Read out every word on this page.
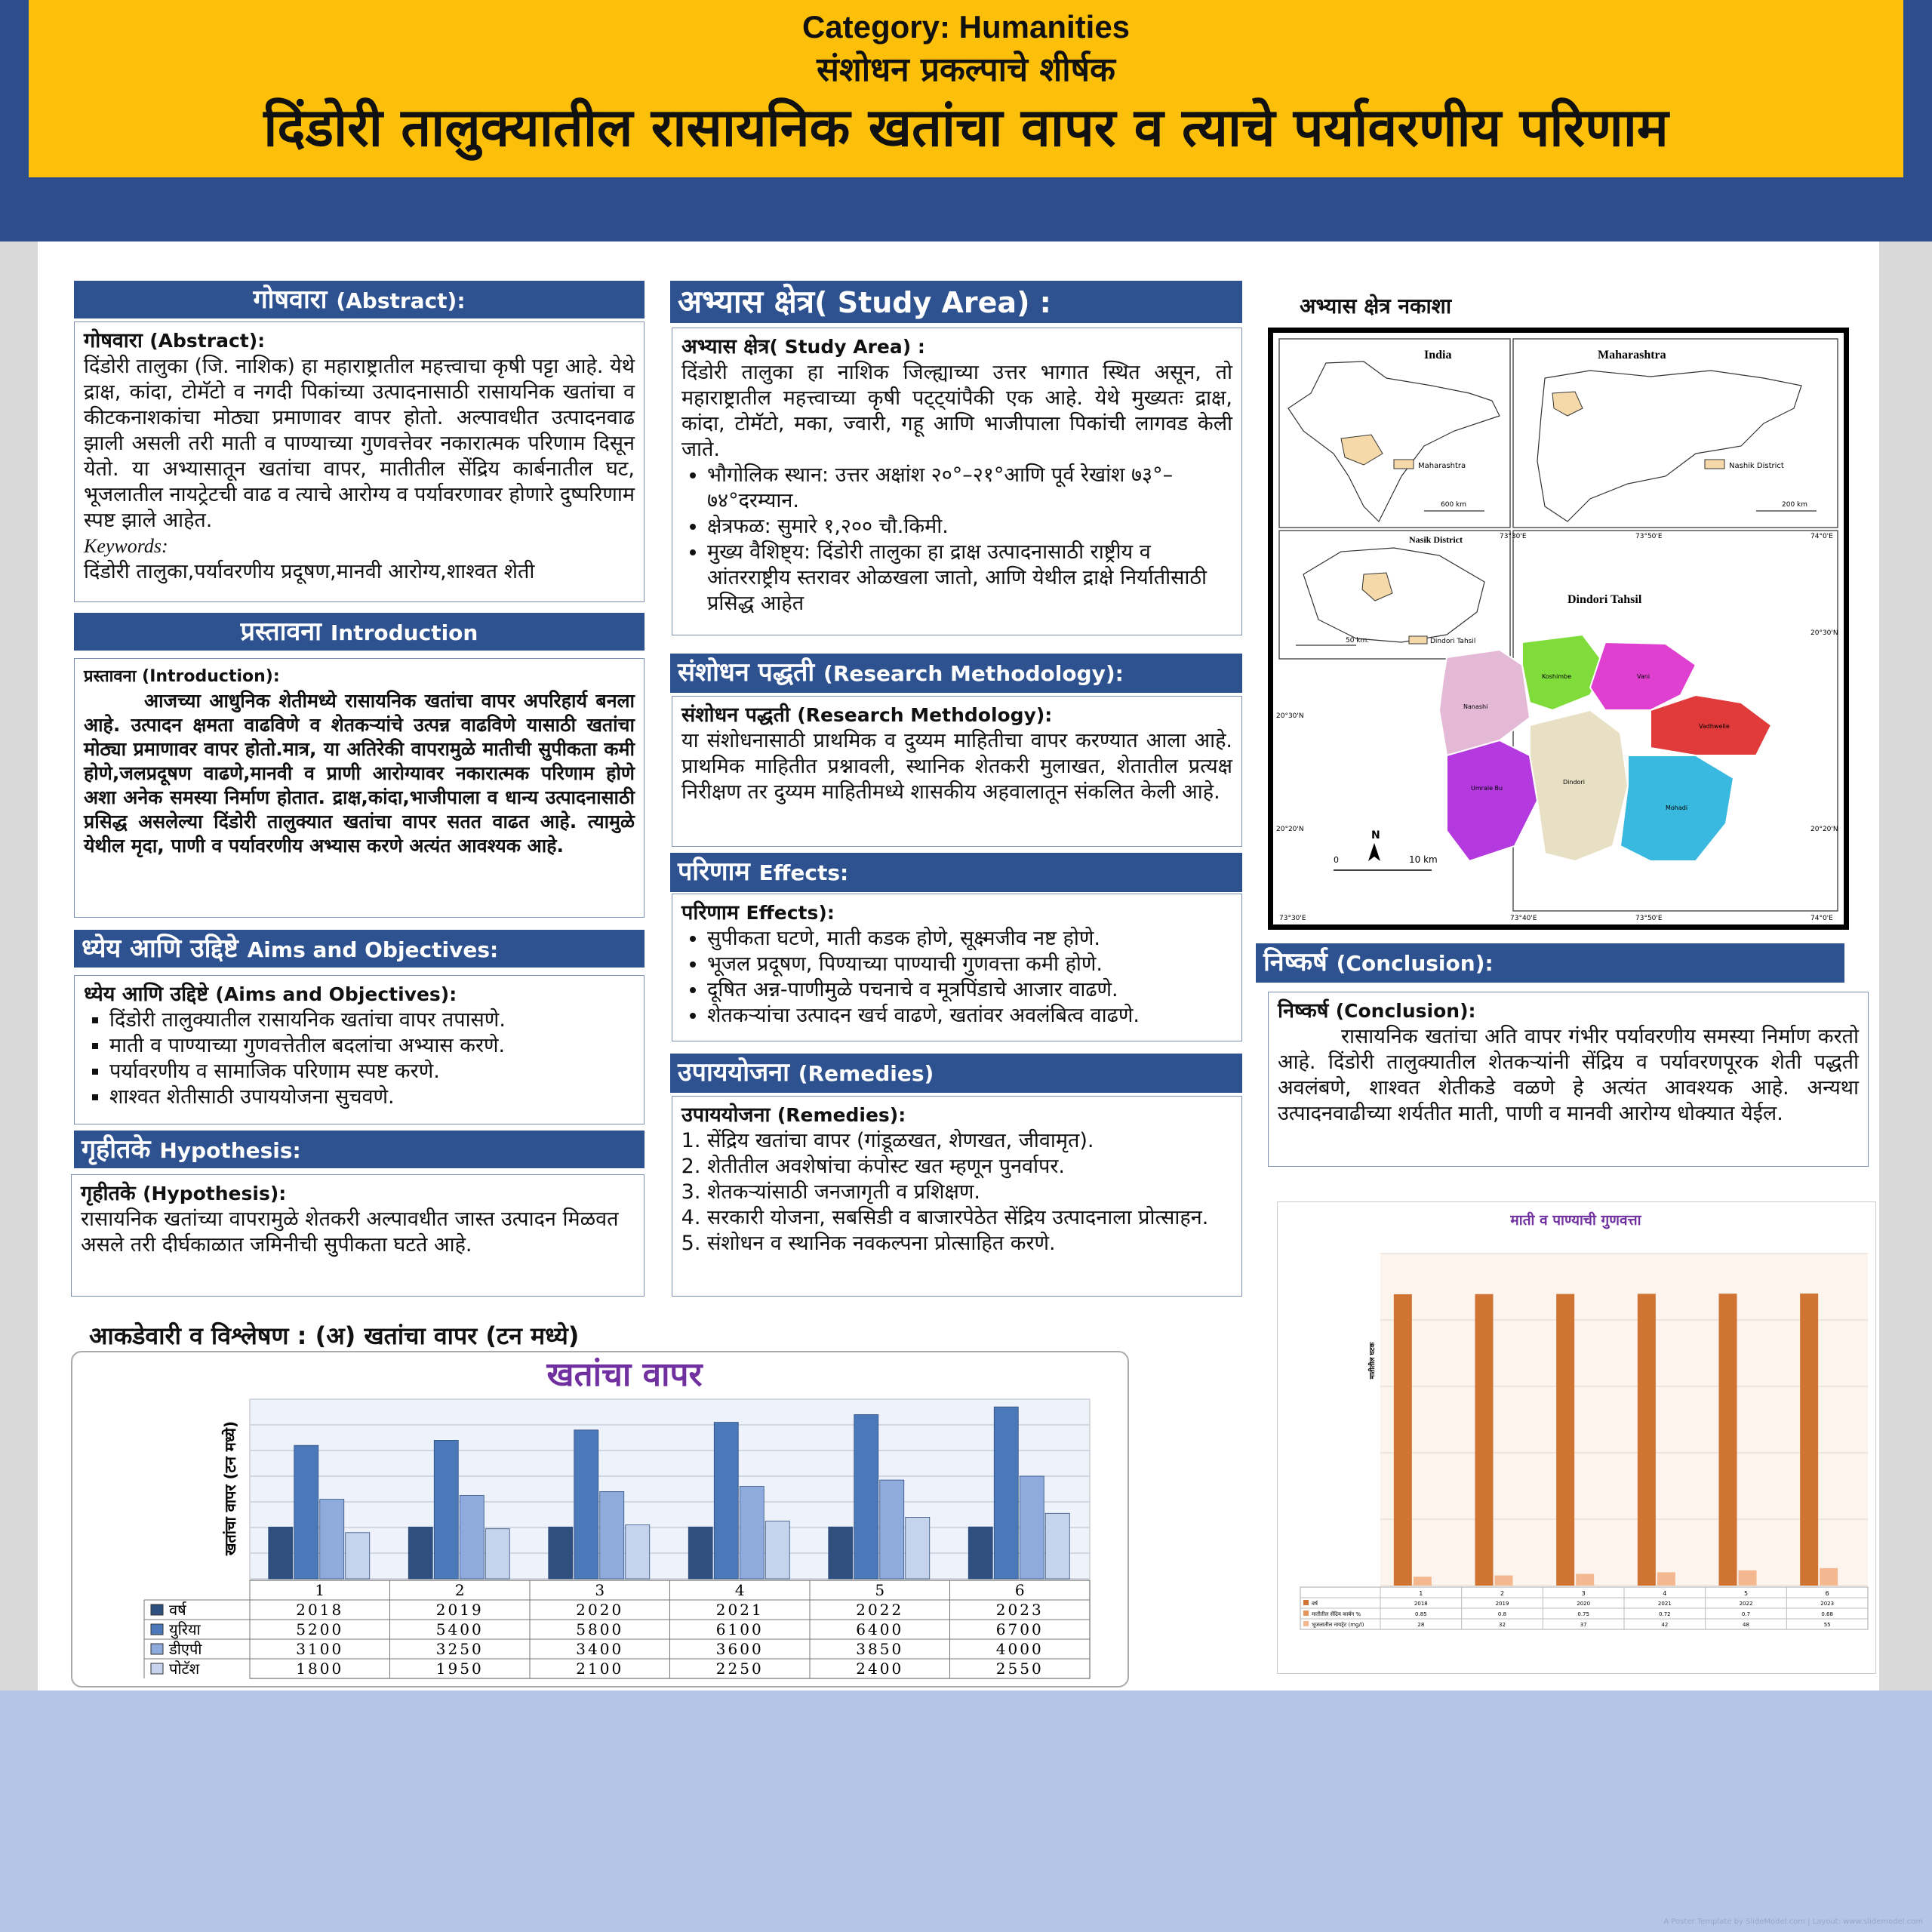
Category: Humanities
संशोधन प्रकल्पाचे शीर्षक
दिंडोरी तालुक्यातील रासायनिक खतांचा वापर व त्याचे पर्यावरणीय परिणाम
गोषवारा (Abstract):
गोषवारा (Abstract):
दिंडोरी तालुका (जि. नाशिक) हा महाराष्ट्रातील महत्त्वाचा कृषी पट्टा आहे. येथे द्राक्ष, कांदा, टोमॅटो व नगदी पिकांच्या उत्पादनासाठी रासायनिक खतांचा व कीटकनाशकांचा मोठ्या प्रमाणावर वापर होतो. अल्पावधीत उत्पादनवाढ झाली असली तरी माती व पाण्याच्या गुणवत्तेवर नकारात्मक परिणाम दिसून येतो. या अभ्यासातून खतांचा वापर, मातीतील सेंद्रिय कार्बनातील घट, भूजलातील नायट्रेटची वाढ व त्याचे आरोग्य व पर्यावरणावर होणारे दुष्परिणाम स्पष्ट झाले आहेत.
Keywords:
दिंडोरी तालुका,पर्यावरणीय प्रदूषण,मानवी आरोग्य,शाश्वत शेती
प्रस्तावना Introduction
प्रस्तावना (Introduction):
आजच्या आधुनिक शेतीमध्ये रासायनिक खतांचा वापर अपरिहार्य बनला आहे. उत्पादन क्षमता वाढविणे व शेतकऱ्यांचे उत्पन्न वाढविणे यासाठी खतांचा मोठ्या प्रमाणावर वापर होतो.मात्र, या अतिरेकी वापरामुळे मातीची सुपीकता कमी होणे,जलप्रदूषण वाढणे,मानवी व प्राणी आरोग्यावर नकारात्मक परिणाम होणे अशा अनेक समस्या निर्माण होतात. द्राक्ष,कांदा,भाजीपाला व धान्य उत्पादनासाठी प्रसिद्ध असलेल्या दिंडोरी तालुक्यात खतांचा वापर सतत वाढत आहे. त्यामुळे येथील मृदा, पाणी व पर्यावरणीय अभ्यास करणे अत्यंत आवश्यक आहे.
ध्येय आणि उद्दिष्टे Aims and Objectives:
ध्येय आणि उद्दिष्टे (Aims and Objectives):
▪ दिंडोरी तालुक्यातील रासायनिक खतांचा वापर तपासणे.
▪ माती व पाण्याच्या गुणवत्तेतील बदलांचा अभ्यास करणे.
▪ पर्यावरणीय व सामाजिक परिणाम स्पष्ट करणे.
▪ शाश्वत शेतीसाठी उपाययोजना सुचवणे.
गृहीतके Hypothesis:
गृहीतके (Hypothesis):
रासायनिक खतांच्या वापरामुळे शेतकरी अल्पावधीत जास्त उत्पादन मिळवत असले तरी दीर्घकाळात जमिनीची सुपीकता घटते आहे.
अभ्यास क्षेत्र( Study Area) :
अभ्यास क्षेत्र( Study Area) :
दिंडोरी तालुका हा नाशिक जिल्ह्याच्या उत्तर भागात स्थित असून, तो महाराष्ट्रातील महत्त्वाच्या कृषी पट्ट्यांपैकी एक आहे. येथे मुख्यतः द्राक्ष, कांदा, टोमॅटो, मका, ज्वारी, गहू आणि भाजीपाला पिकांची लागवड केली जाते.
• भौगोलिक स्थान: उत्तर अक्षांश २०°–२१°आणि पूर्व रेखांश ७३°–७४°दरम्यान.
• क्षेत्रफळ: सुमारे १,२०० चौ.किमी.
• मुख्य वैशिष्ट्य: दिंडोरी तालुका हा द्राक्ष उत्पादनासाठी राष्ट्रीय व आंतरराष्ट्रीय स्तरावर ओळखला जातो, आणि येथील द्राक्षे निर्यातीसाठी प्रसिद्ध आहेत
संशोधन पद्धती (Research Methodology):
संशोधन पद्धती (Research Methdology):
या संशोधनासाठी प्राथमिक व दुय्यम माहितीचा वापर करण्यात आला आहे. प्राथमिक माहितीत प्रश्नावली, स्थानिक शेतकरी मुलाखत, शेतातील प्रत्यक्ष निरीक्षण तर दुय्यम माहितीमध्ये शासकीय अहवालातून संकलित केली आहे.
परिणाम Effects:
परिणाम Effects):
• सुपीकता घटणे, माती कडक होणे, सूक्ष्मजीव नष्ट होणे.
• भूजल प्रदूषण, पिण्याच्या पाण्याची गुणवत्ता कमी होणे.
• दूषित अन्न-पाणीमुळे पचनाचे व मूत्रपिंडाचे आजार वाढणे.
• शेतकऱ्यांचा उत्पादन खर्च वाढणे, खतांवर अवलंबित्व वाढणे.
उपाययोजना (Remedies)
उपाययोजना (Remedies):
1. सेंद्रिय खतांचा वापर (गांडूळखत, शेणखत, जीवामृत).
2. शेतीतील अवशेषांचा कंपोस्ट खत म्हणून पुनर्वापर.
3. शेतकऱ्यांसाठी जनजागृती व प्रशिक्षण.
4. सरकारी योजना, सबसिडी व बाजारपेठेत सेंद्रिय उत्पादनाला प्रोत्साहन.
5. संशोधन व स्थानिक नवकल्पना प्रोत्साहित करणे.
अभ्यास क्षेत्र नकाशा
India
Maharashtra
600 km
Maharashtra
Nashik District
200 km
Nasik District
50 km.	Dindori Tahsil
Dindori Tahsil
73°30'E	73°50'E	74°0'E
73°30'E	73°40'E	73°50'E	74°0'E
20°30'N
20°20'N
20°30'N
20°20'N
Nanashi
Koshimbe	Vani
Vadhwelle
Umrale Bu
Dindori
Mohadi
N
0	10 km
निष्कर्ष (Conclusion):
निष्कर्ष (Conclusion):
रासायनिक खतांचा अति वापर गंभीर पर्यावरणीय समस्या निर्माण करतो आहे. दिंडोरी तालुक्यातील शेतकऱ्यांनी सेंद्रिय व पर्यावरणपूरक शेती पद्धती अवलंबणे, शाश्वत शेतीकडे वळणे हे अत्यंत आवश्यक आहे. अन्यथा उत्पादनवाढीच्या शर्यतीत माती, पाणी व मानवी आरोग्य धोक्यात येईल.
माती व पाण्याची गुणवत्ता
मातीतील घटक
1	2	3	4	5	6
वर्ष	2018	2019	2020	2021	2022	2023
मातीतील सेंद्रिय कार्बन %	0.85	0.8	0.75	0.72	0.7	0.68
भूजलातील नायट्रेट (mg/l)	28	32	37	42	48	55
आकडेवारी व विश्लेषण : (अ) खतांचा वापर (टन मध्ये)
खतांचा वापर
खतांचा वापर (टन मध्ये)
1	2	3	4	5	6
वर्ष	2018	2019	2020	2021	2022	2023
युरिया	5200	5400	5800	6100	6400	6700
डीएपी	3100	3250	3400	3600	3850	4000
पोटॅश	1800	1950	2100	2250	2400	2550
A Poster Template by SlideModel.com | Layout: www.slidemodel.com
